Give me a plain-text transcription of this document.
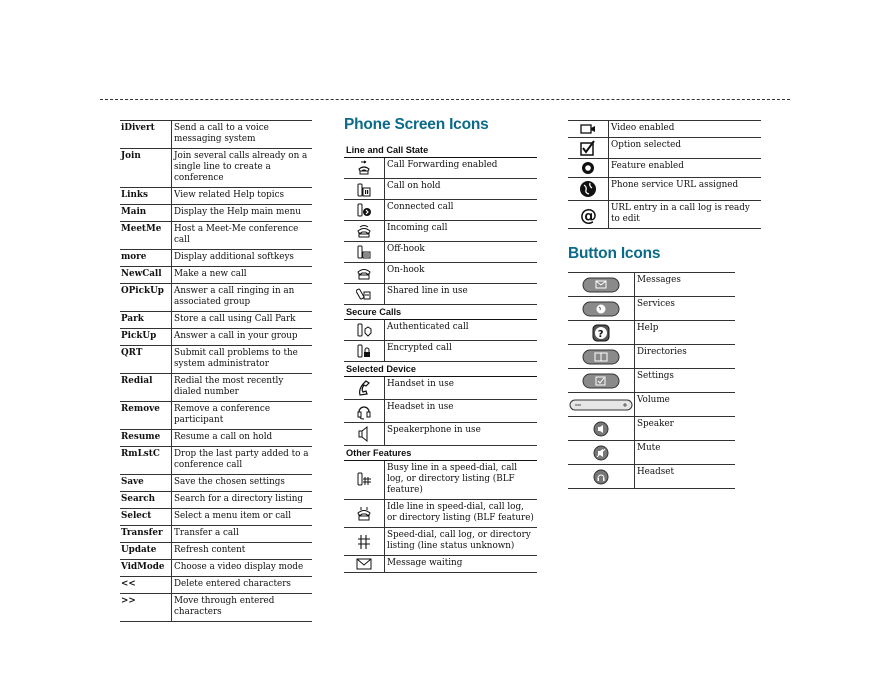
iDivert	Send a call to a voice messaging system
Join	Join several calls already on a single line to create a conference
Links	View related Help topics
Main	Display the Help main menu
MeetMe	Host a Meet-Me conference call
more	Display additional softkeys
NewCall	Make a new call
OPickUp	Answer a call ringing in an associated group
Park	Store a call using Call Park
PickUp	Answer a call in your group
QRT	Submit call problems to the system administrator
Redial	Redial the most recently dialed number
Remove	Remove a conference participant
Resume	Resume a call on hold
RmLstC	Drop the last party added to a conference call
Save	Save the chosen settings
Search	Search for a directory listing
Select	Select a menu item or call
Transfer	Transfer a call
Update	Refresh content
VidMode	Choose a video display mode
<<	Delete entered characters
>>	Move through entered characters
Phone Screen Icons
Line and Call State
	Call Forwarding enabled

	Call on hold

	Connected call

	Incoming call

	Off-hook

	On-hook

	Shared line in use
Secure Calls
	Authenticated call

	Encrypted call
Selected Device
	Handset in use

	Headset in use

	Speakerphone in use
Other Features
	Busy line in a speed-dial, call log, or directory listing (BLF feature)

	Idle line in speed-dial, call log, or directory listing (BLF feature)

	Speed-dial, call log, or directory listing (line status unknown)

	Message waiting
	Video enabled

	Option selected

	Feature enabled

	Phone service URL assigned

@	URL entry in a call log is ready to edit
Button Icons
	Messages

	Services

?	Help

	Directories

	Settings

	Volume

	Speaker

	Mute

	Headset
